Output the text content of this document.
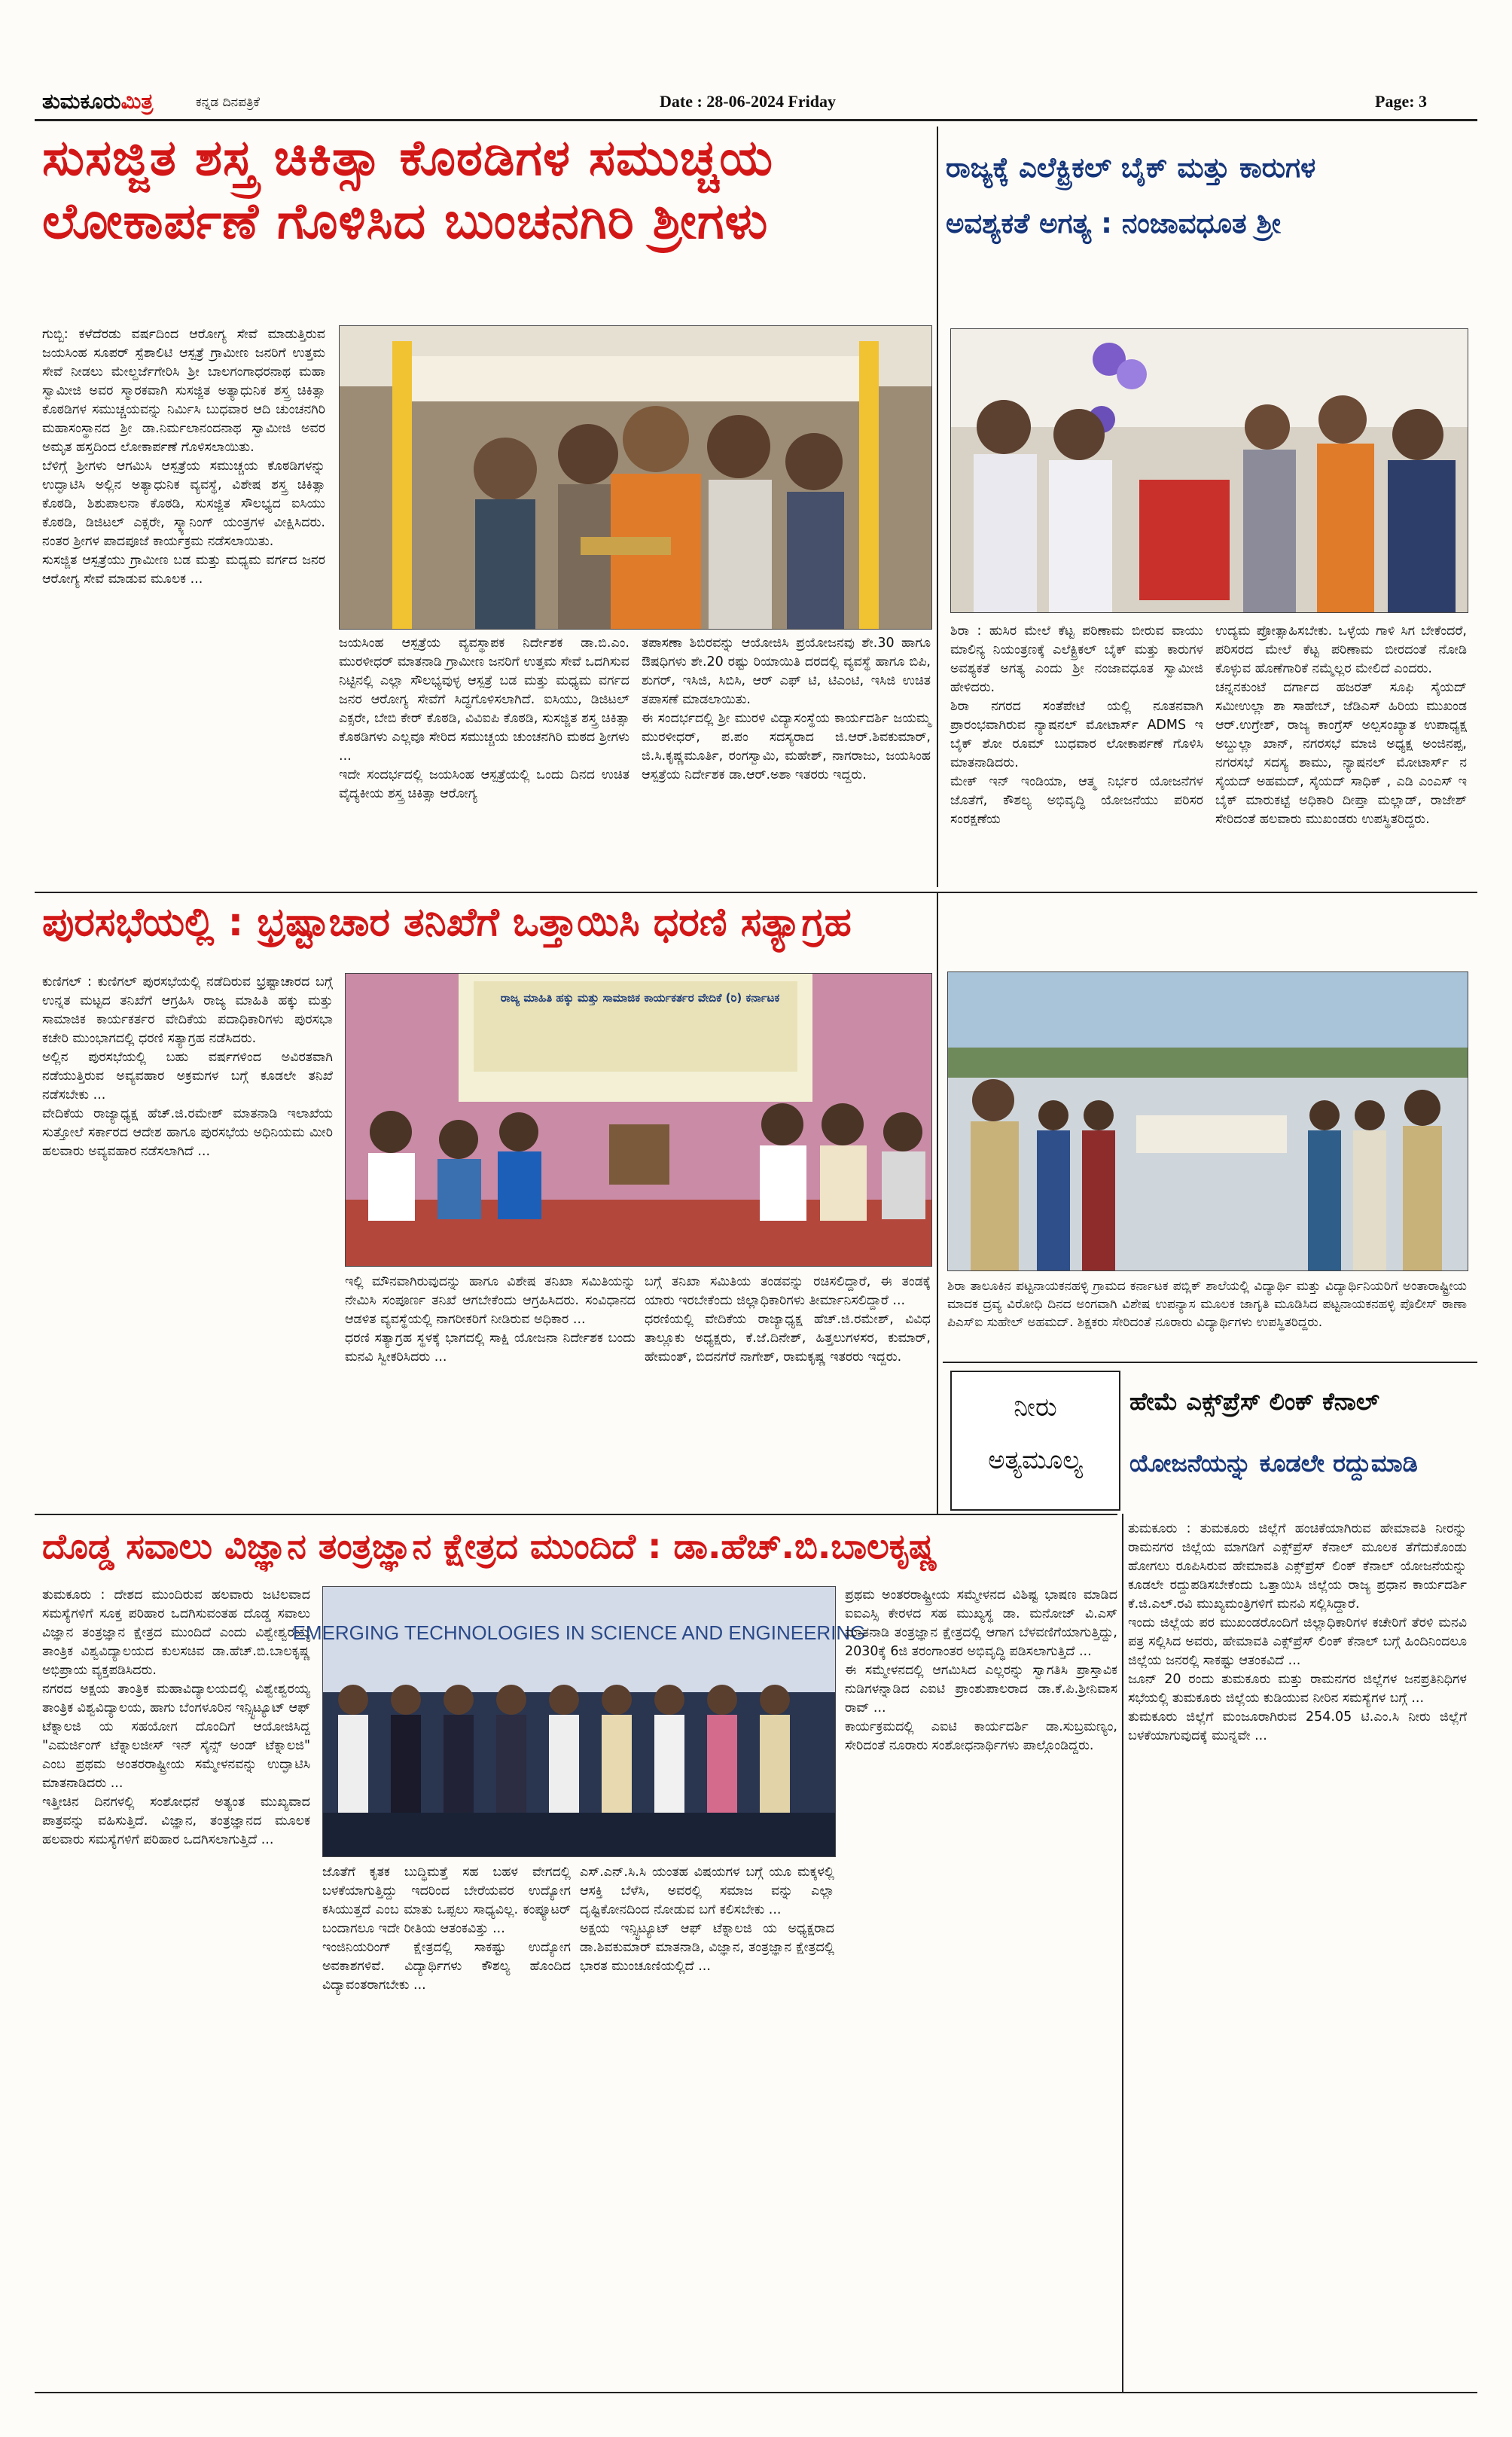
ತುಮಕೂರುಮಿತ್ರ	ಕನ್ನಡ ದಿನಪತ್ರಿಕೆ	Date : 28-06-2024 Friday	Page: 3
ಸುಸಜ್ಜಿತ ಶಸ್ತ್ರ ಚಿಕಿತ್ಸಾ ಕೊಠಡಿಗಳ ಸಮುಚ್ಚಯ
ಲೋಕಾರ್ಪಣೆ ಗೊಳಿಸಿದ ಬುಂಚನಗಿರಿ ಶ್ರೀಗಳು
ಗುಬ್ಬಿ: ಕಳೆದೆರಡು ವರ್ಷದಿಂದ ಆರೋಗ್ಯ ಸೇವೆ ಮಾಡುತ್ತಿರುವ ಜಯಸಿಂಹ ಸೂಪರ್ ಸ್ಪೆಶಾಲಿಟಿ ಆಸ್ಪತ್ರೆ ಗ್ರಾಮೀಣ ಜನರಿಗೆ ಉತ್ತಮ ಸೇವೆ ನೀಡಲು ಮೇಲ್ದರ್ಜೆಗೇರಿಸಿ ಶ್ರೀ ಬಾಲಗಂಗಾಧರನಾಥ ಮಹಾ ಸ್ವಾಮೀಜಿ ಅವರ ಸ್ಮಾರಕವಾಗಿ ಸುಸಜ್ಜಿತ ಅತ್ಯಾಧುನಿಕ ಶಸ್ತ್ರ ಚಿಕಿತ್ಸಾ ಕೊಠಡಿಗಳ ಸಮುಚ್ಚಯವನ್ನು ನಿರ್ಮಿಸಿ ಬುಧವಾರ ಆದಿ ಚುಂಚನಗಿರಿ ಮಹಾಸಂಸ್ಥಾನದ ಶ್ರೀ ಡಾ.ನಿರ್ಮಲಾನಂದನಾಥ ಸ್ವಾಮೀಜಿ ಅವರ ಅಮೃತ ಹಸ್ತದಿಂದ ಲೋಕಾರ್ಪಣೆ ಗೊಳಿಸಲಾಯಿತು.
ಬೆಳಿಗ್ಗೆ ಶ್ರೀಗಳು ಆಗಮಿಸಿ ಆಸ್ಪತ್ರೆಯ ಸಮುಚ್ಚಯ ಕೊಠಡಿಗಳನ್ನು ಉದ್ಘಾಟಿಸಿ ಅಲ್ಲಿನ ಅತ್ಯಾಧುನಿಕ ವ್ಯವಸ್ಥೆ, ವಿಶೇಷ ಶಸ್ತ್ರ ಚಿಕಿತ್ಸಾ ಕೊಠಡಿ, ಶಿಶುಪಾಲನಾ ಕೊಠಡಿ, ಸುಸಜ್ಜಿತ ಸೌಲಭ್ಯದ ಐಸಿಯು ಕೊಠಡಿ, ಡಿಜಿಟಲ್ ಎಕ್ಸರೇ, ಸ್ಕ್ಯಾನಿಂಗ್ ಯಂತ್ರಗಳ ವೀಕ್ಷಿಸಿದರು. ನಂತರ ಶ್ರೀಗಳ ಪಾದಪೂಜೆ ಕಾರ್ಯಕ್ರಮ ನಡೆಸಲಾಯಿತು.
ಸುಸಜ್ಜಿತ ಆಸ್ಪತ್ರೆಯು ಗ್ರಾಮೀಣ ಬಡ ಮತ್ತು ಮಧ್ಯಮ ವರ್ಗದ ಜನರ ಆರೋಗ್ಯ ಸೇವೆ ಮಾಡುವ ಮೂಲಕ ...
ಜಯಸಿಂಹ ಆಸ್ಪತ್ರೆಯ ವ್ಯವಸ್ಥಾಪಕ ನಿರ್ದೇಶಕ ಡಾ.ಬಿ.ಎಂ. ಮುರಳೀಧರ್ ಮಾತನಾಡಿ ಗ್ರಾಮೀಣ ಜನರಿಗೆ ಉತ್ತಮ ಸೇವೆ ಒದಗಿಸುವ ನಿಟ್ಟಿನಲ್ಲಿ ಎಲ್ಲಾ ಸೌಲಭ್ಯವುಳ್ಳ ಆಸ್ಪತ್ರೆ ಬಡ ಮತ್ತು ಮಧ್ಯಮ ವರ್ಗದ ಜನರ ಆರೋಗ್ಯ ಸೇವೆಗೆ ಸಿದ್ಧಗೊಳಿಸಲಾಗಿದೆ. ಐಸಿಯು, ಡಿಜಿಟಲ್ ಎಕ್ಸರೇ, ಬೇಬಿ ಕೇರ್ ಕೊಠಡಿ, ವಿವಿಐಪಿ ಕೊಠಡಿ, ಸುಸಜ್ಜಿತ ಶಸ್ತ್ರ ಚಿಕಿತ್ಸಾ ಕೊಠಡಿಗಳು ಎಲ್ಲವೂ ಸೇರಿದ ಸಮುಚ್ಚಯ ಚುಂಚನಗಿರಿ ಮಠದ ಶ್ರೀಗಳು ...
ಇದೇ ಸಂದರ್ಭದಲ್ಲಿ ಜಯಸಿಂಹ ಆಸ್ಪತ್ರೆಯಲ್ಲಿ ಒಂದು ದಿನದ ಉಚಿತ ವೈದ್ಯಕೀಯ ಶಸ್ತ್ರ ಚಿಕಿತ್ಸಾ ಆರೋಗ್ಯ
ತಪಾಸಣಾ ಶಿಬಿರವನ್ನು ಆಯೋಜಿಸಿ ಪ್ರಯೋಜನವು ಶೇ.30 ಹಾಗೂ ಔಷಧಿಗಳು ಶೇ.20 ರಷ್ಟು ರಿಯಾಯಿತಿ ದರದಲ್ಲಿ ವ್ಯವಸ್ಥೆ ಹಾಗೂ ಬಿಪಿ, ಶುಗರ್, ಇಸಿಜಿ, ಸಿಬಿಸಿ, ಆರ್ ಎಫ್ ಟಿ, ಟಿಎಂಟಿ, ಇಸಿಜಿ ಉಚಿತ ತಪಾಸಣೆ ಮಾಡಲಾಯಿತು.
ಈ ಸಂದರ್ಭದಲ್ಲಿ ಶ್ರೀ ಮುರಳಿ ವಿದ್ಯಾಸಂಸ್ಥೆಯ ಕಾರ್ಯದರ್ಶಿ ಜಯಮ್ಮ ಮುರಳೀಧರ್, ಪ.ಪಂ ಸದಸ್ಯರಾದ ಜಿ.ಆರ್.ಶಿವಕುಮಾರ್, ಜಿ.ಸಿ.ಕೃಷ್ಣಮೂರ್ತಿ, ರಂಗಸ್ವಾಮಿ, ಮಹೇಶ್, ನಾಗರಾಜು, ಜಯಸಿಂಹ ಆಸ್ಪತ್ರೆಯ ನಿರ್ದೇಶಕ ಡಾ.ಆರ್.ಅಶಾ ಇತರರು ಇದ್ದರು.
ರಾಜ್ಯಕ್ಕೆ ಎಲೆಕ್ಟ್ರಿಕಲ್ ಬೈಕ್ ಮತ್ತು ಕಾರುಗಳ
ಅವಶ್ಯಕತೆ ಅಗತ್ಯ : ನಂಜಾವಧೂತ ಶ್ರೀ
ಶಿರಾ : ಹುಸಿರ ಮೇಲೆ ಕೆಟ್ಟ ಪರಿಣಾಮ ಬೀರುವ ವಾಯು ಮಾಲಿನ್ಯ ನಿಯಂತ್ರಣಕ್ಕೆ ಎಲೆಕ್ಟ್ರಿಕಲ್ ಬೈಕ್ ಮತ್ತು ಕಾರುಗಳ ಅವಶ್ಯಕತೆ ಅಗತ್ಯ ಎಂದು ಶ್ರೀ ನಂಜಾವಧೂತ ಸ್ವಾಮೀಜಿ ಹೇಳಿದರು.
ಶಿರಾ ನಗರದ ಸಂತೆಪೇಟೆ ಯಲ್ಲಿ ನೂತನವಾಗಿ ಪ್ರಾರಂಭವಾಗಿರುವ ನ್ಯಾಷನಲ್ ಮೋಟಾರ್ಸ್ ADMS ಇ ಬೈಕ್ ಶೋ ರೂಮ್ ಬುಧವಾರ ಲೋಕಾರ್ಪಣೆ ಗೊಳಿಸಿ ಮಾತನಾಡಿದರು.
ಮೇಕ್ ಇನ್ ಇಂಡಿಯಾ, ಆತ್ಮ ನಿರ್ಭರ ಯೋಜನೆಗಳ ಜೊತೆಗೆ, ಕೌಶಲ್ಯ ಅಭಿವೃದ್ಧಿ ಯೋಜನೆಯು ಪರಿಸರ ಸಂರಕ್ಷಣೆಯ
ಉದ್ಯಮ ಪ್ರೋತ್ಸಾಹಿಸಬೇಕು. ಒಳ್ಳೆಯ ಗಾಳಿ ಸಿಗ ಬೇಕೆಂದರೆ, ಪರಿಸರದ ಮೇಲೆ ಕೆಟ್ಟ ಪರಿಣಾಮ ಬೀರದಂತೆ ನೋಡಿ ಕೊಳ್ಳುವ ಹೊಣೆಗಾರಿಕೆ ನಮ್ಮೆಲ್ಲರ ಮೇಲಿದೆ ಎಂದರು.
ಚನ್ನನಕುಂಟೆ ದರ್ಗಾದ ಹಜರತ್ ಸೂಫಿ ಸೈಯದ್ ಸಮೀಉಲ್ಲಾ ಶಾ ಸಾಹೇಬ್, ಜೆಡಿಎಸ್ ಹಿರಿಯ ಮುಖಂಡ ಆರ್.ಉಗ್ರೇಶ್, ರಾಜ್ಯ ಕಾಂಗ್ರೆಸ್ ಅಲ್ಪಸಂಖ್ಯಾತ ಉಪಾಧ್ಯಕ್ಷ ಅಬ್ದುಲ್ಲಾ ಖಾನ್, ನಗರಸಭೆ ಮಾಜಿ ಅಧ್ಯಕ್ಷ ಅಂಜಿನಪ್ಪ, ನಗರಸಭೆ ಸದಸ್ಯ ಶಾಮು, ನ್ಯಾಷನಲ್ ಮೋಟಾರ್ಸ್ ನ ಸೈಯದ್ ಅಹಮದ್, ಸೈಯದ್ ಸಾಧಿಕ್ , ಎಡಿ ಎಂಎಸ್ ಇ ಬೈಕ್ ಮಾರುಕಟ್ಟೆ ಅಧಿಕಾರಿ ದೀಪ್ತಾ ಮಲ್ಲಾಡ್, ರಾಜೇಶ್ ಸೇರಿದಂತೆ ಹಲವಾರು ಮುಖಂಡರು ಉಪಸ್ಥಿತರಿದ್ದರು.
ಪುರಸಭೆಯಲ್ಲಿ : ಭ್ರಷ್ಟಾಚಾರ ತನಿಖೆಗೆ ಒತ್ತಾಯಿಸಿ ಧರಣಿ ಸತ್ಯಾಗ್ರಹ
ಕುಣಿಗಲ್ : ಕುಣಿಗಲ್ ಪುರಸಭೆಯಲ್ಲಿ ನಡೆದಿರುವ ಭ್ರಷ್ಟಾಚಾರದ ಬಗ್ಗೆ ಉನ್ನತ ಮಟ್ಟದ ತನಿಖೆಗೆ ಆಗ್ರಹಿಸಿ ರಾಜ್ಯ ಮಾಹಿತಿ ಹಕ್ಕು ಮತ್ತು ಸಾಮಾಜಿಕ ಕಾರ್ಯಕರ್ತರ ವೇದಿಕೆಯ ಪದಾಧಿಕಾರಿಗಳು ಪುರಸಭಾ ಕಚೇರಿ ಮುಂಭಾಗದಲ್ಲಿ ಧರಣಿ ಸತ್ಯಾಗ್ರಹ ನಡೆಸಿದರು.
ಅಲ್ಲಿನ ಪುರಸಭೆಯಲ್ಲಿ ಬಹು ವರ್ಷಗಳಿಂದ ಅವಿರತವಾಗಿ ನಡೆಯುತ್ತಿರುವ ಅವ್ಯವಹಾರ ಅಕ್ರಮಗಳ ಬಗ್ಗೆ ಕೂಡಲೇ ತನಿಖೆ ನಡೆಸಬೇಕು ...
ವೇದಿಕೆಯ ರಾಜ್ಯಾಧ್ಯಕ್ಷ ಹೆಚ್.ಜಿ.ರಮೇಶ್ ಮಾತನಾಡಿ ಇಲಾಖೆಯ ಸುತ್ತೋಲೆ ಸರ್ಕಾರದ ಆದೇಶ ಹಾಗೂ ಪುರಸಭೆಯ ಅಧಿನಿಯಮ ಮೀರಿ ಹಲವಾರು ಅವ್ಯವಹಾರ ನಡೆಸಲಾಗಿದೆ ...
ಇಲ್ಲಿ ಮೌನವಾಗಿರುವುದನ್ನು ಹಾಗೂ ವಿಶೇಷ ತನಿಖಾ ಸಮಿತಿಯನ್ನು ನೇಮಿಸಿ ಸಂಪೂರ್ಣ ತನಿಖೆ ಆಗಬೇಕೆಂದು ಆಗ್ರಹಿಸಿದರು. ಸಂವಿಧಾನದ ಆಡಳಿತ ವ್ಯವಸ್ಥೆಯಲ್ಲಿ ನಾಗರೀಕರಿಗೆ ನೀಡಿರುವ ಅಧಿಕಾರ ...
ಧರಣಿ ಸತ್ಯಾಗ್ರಹ ಸ್ಥಳಕ್ಕೆ ಭಾಗದಲ್ಲಿ ಸಾಕ್ಷಿ ಯೋಜನಾ ನಿರ್ದೇಶಕ ಬಂದು ಮನವಿ ಸ್ವೀಕರಿಸಿದರು ...
ಬಗ್ಗೆ ತನಿಖಾ ಸಮಿತಿಯ ತಂಡವನ್ನು ರಚಿಸಲಿದ್ದಾರೆ, ಈ ತಂಡಕ್ಕೆ ಯಾರು ಇರಬೇಕೆಂದು ಜಿಲ್ಲಾಧಿಕಾರಿಗಳು ತೀರ್ಮಾನಿಸಲಿದ್ದಾರೆ ...
ಧರಣಿಯಲ್ಲಿ ವೇದಿಕೆಯ ರಾಜ್ಯಾಧ್ಯಕ್ಷ ಹೆಚ್.ಜಿ.ರಮೇಶ್, ವಿವಿಧ ತಾಲ್ಲೂಕು ಅಧ್ಯಕ್ಷರು, ಕೆ.ಜೆ.ದಿನೇಶ್, ಹಿತ್ತಲುಗಳಸರ, ಕುಮಾರ್, ಹೇಮಂತ್, ಬಿದನಗೆರೆ ನಾಗೇಶ್, ರಾಮಕೃಷ್ಣ ಇತರರು ಇದ್ದರು.
ಶಿರಾ ತಾಲೂಕಿನ ಪಟ್ಟನಾಯಕನಹಳ್ಳಿ ಗ್ರಾಮದ ಕರ್ನಾಟಕ ಪಬ್ಲಿಕ್ ಶಾಲೆಯಲ್ಲಿ ವಿದ್ಯಾರ್ಥಿ ಮತ್ತು ವಿದ್ಯಾರ್ಥಿನಿಯರಿಗೆ ಅಂತಾರಾಷ್ಟ್ರೀಯ ಮಾದಕ ದ್ರವ್ಯ ವಿರೋಧಿ ದಿನದ ಅಂಗವಾಗಿ ವಿಶೇಷ ಉಪನ್ಯಾಸ ಮೂಲಕ ಜಾಗೃತಿ ಮೂಡಿಸಿದ ಪಟ್ಟನಾಯಕನಹಳ್ಳಿ ಪೊಲೀಸ್ ಠಾಣಾ ಪಿಎಸ್ಐ ಸುಹೇಲ್ ಅಹಮದ್. ಶಿಕ್ಷಕರು ಸೇರಿದಂತೆ ನೂರಾರು ವಿದ್ಯಾರ್ಥಿಗಳು ಉಪಸ್ಥಿತರಿದ್ದರು.
ನೀರು
ಅತ್ಯಮೂಲ್ಯ
ಹೇಮೆ ಎಕ್ಸ್‌ಪ್ರೆಸ್ ಲಿಂಕ್ ಕೆನಾಲ್
ಯೋಜನೆಯನ್ನು ಕೂಡಲೇ ರದ್ದುಮಾಡಿ
ತುಮಕೂರು : ತುಮಕೂರು ಜಿಲ್ಲೆಗೆ ಹಂಚಿಕೆಯಾಗಿರುವ ಹೇಮಾವತಿ ನೀರನ್ನು ರಾಮನಗರ ಜಿಲ್ಲೆಯ ಮಾಗಡಿಗೆ ಎಕ್ಸ್‌ಪ್ರೆಸ್ ಕೆನಾಲ್ ಮೂಲಕ ತೆಗೆದುಕೊಂಡು ಹೋಗಲು ರೂಪಿಸಿರುವ ಹೇಮಾವತಿ ಎಕ್ಸ್‌ಪ್ರೆಸ್ ಲಿಂಕ್ ಕೆನಾಲ್ ಯೋಜನೆಯನ್ನು ಕೂಡಲೇ ರದ್ದುಪಡಿಸಬೇಕೆಂದು ಒತ್ತಾಯಿಸಿ ಜಿಲ್ಲೆಯ ರಾಜ್ಯ ಪ್ರಧಾನ ಕಾರ್ಯದರ್ಶಿ ಕೆ.ಜಿ.ಎಲ್.ರವಿ ಮುಖ್ಯಮಂತ್ರಿಗಳಿಗೆ ಮನವಿ ಸಲ್ಲಿಸಿದ್ದಾರೆ.
ಇಂದು ಜಿಲ್ಲೆಯ ಪರ ಮುಖಂಡರೊಂದಿಗೆ ಜಿಲ್ಲಾಧಿಕಾರಿಗಳ ಕಚೇರಿಗೆ ತೆರಳಿ ಮನವಿ ಪತ್ರ ಸಲ್ಲಿಸಿದ ಅವರು, ಹೇಮಾವತಿ ಎಕ್ಸ್‌ಪ್ರೆಸ್ ಲಿಂಕ್ ಕೆನಾಲ್ ಬಗ್ಗೆ ಹಿಂದಿನಿಂದಲೂ ಜಿಲ್ಲೆಯ ಜನರಲ್ಲಿ ಸಾಕಷ್ಟು ಆತಂಕವಿದೆ ...
ಜೂನ್ 20 ರಂದು ತುಮಕೂರು ಮತ್ತು ರಾಮನಗರ ಜಿಲ್ಲೆಗಳ ಜನಪ್ರತಿನಿಧಿಗಳ ಸಭೆಯಲ್ಲಿ ತುಮಕೂರು ಜಿಲ್ಲೆಯ ಕುಡಿಯುವ ನೀರಿನ ಸಮಸ್ಯೆಗಳ ಬಗ್ಗೆ ...
ತುಮಕೂರು ಜಿಲ್ಲೆಗೆ ಮಂಜೂರಾಗಿರುವ 254.05 ಟಿ.ಎಂ.ಸಿ ನೀರು ಜಿಲ್ಲೆಗೆ ಬಳಕೆಯಾಗುವುದಕ್ಕೆ ಮುನ್ನವೇ ...
ದೊಡ್ಡ ಸವಾಲು ವಿಜ್ಞಾನ ತಂತ್ರಜ್ಞಾನ ಕ್ಷೇತ್ರದ ಮುಂದಿದೆ : ಡಾ.ಹೆಚ್.ಬಿ.ಬಾಲಕೃಷ್ಣ
ತುಮಕೂರು : ದೇಶದ ಮುಂದಿರುವ ಹಲವಾರು ಜಟಿಲವಾದ ಸಮಸ್ಯೆಗಳಿಗೆ ಸೂಕ್ತ ಪರಿಹಾರ ಒದಗಿಸುವಂತಹ ದೊಡ್ಡ ಸವಾಲು ವಿಜ್ಞಾನ ತಂತ್ರಜ್ಞಾನ ಕ್ಷೇತ್ರದ ಮುಂದಿದೆ ಎಂದು ವಿಶ್ವೇಶ್ವರಯ್ಯ ತಾಂತ್ರಿಕ ವಿಶ್ವವಿದ್ಯಾಲಯದ ಕುಲಸಚಿವ ಡಾ.ಹೆಚ್.ಬಿ.ಬಾಲಕೃಷ್ಣ ಅಭಿಪ್ರಾಯ ವ್ಯಕ್ತಪಡಿಸಿದರು.
ನಗರದ ಅಕ್ಷಯ ತಾಂತ್ರಿಕ ಮಹಾವಿದ್ಯಾಲಯದಲ್ಲಿ ವಿಶ್ವೇಶ್ವರಯ್ಯ ತಾಂತ್ರಿಕ ವಿಶ್ವವಿದ್ಯಾಲಯ, ಹಾಗು ಬೆಂಗಳೂರಿನ ಇನ್ಸ್ಟಿಟ್ಯೂಟ್ ಆಫ್ ಟೆಕ್ನಾಲಜಿ ಯ ಸಹಯೋಗ ದೊಂದಿಗೆ ಆಯೋಜಿಸಿದ್ದ "ಎಮರ್ಜಿಂಗ್ ಟೆಕ್ನಾಲಜೀಸ್ ಇನ್ ಸೈನ್ಸ್ ಅಂಡ್ ಟೆಕ್ನಾಲಜಿ" ಎಂಬ ಪ್ರಥಮ ಅಂತರರಾಷ್ಟ್ರೀಯ ಸಮ್ಮೇಳನವನ್ನು ಉದ್ಘಾಟಿಸಿ ಮಾತನಾಡಿದರು ...
ಇತ್ತೀಚಿನ ದಿನಗಳಲ್ಲಿ ಸಂಶೋಧನೆ ಅತ್ಯಂತ ಮುಖ್ಯವಾದ ಪಾತ್ರವನ್ನು ವಹಿಸುತ್ತಿದೆ. ವಿಜ್ಞಾನ, ತಂತ್ರಜ್ಞಾನದ ಮೂಲಕ ಹಲವಾರು ಸಮಸ್ಯೆಗಳಿಗೆ ಪರಿಹಾರ ಒದಗಿಸಲಾಗುತ್ತಿದೆ ...
EMERGING TECHNOLOGIES IN SCIENCE AND ENGINEERING
ಜೊತೆಗೆ ಕೃತಕ ಬುದ್ಧಿಮತ್ತೆ ಸಹ ಬಹಳ ವೇಗದಲ್ಲಿ ಬಳಕೆಯಾಗುತ್ತಿದ್ದು ಇದರಿಂದ ಬೇರೆಯವರ ಉದ್ಯೋಗ ಕಸಿಯುತ್ತದೆ ಎಂಬ ಮಾತು ಒಪ್ಪಲು ಸಾಧ್ಯವಿಲ್ಲ. ಕಂಪ್ಯೂಟರ್ ಬಂದಾಗಲೂ ಇದೇ ರೀತಿಯ ಆತಂಕವಿತ್ತು ...
ಇಂಜಿನಿಯರಿಂಗ್ ಕ್ಷೇತ್ರದಲ್ಲಿ ಸಾಕಷ್ಟು ಉದ್ಯೋಗ ಅವಕಾಶಗಳಿವೆ. ವಿದ್ಯಾರ್ಥಿಗಳು ಕೌಶಲ್ಯ ಹೊಂದಿದ ವಿದ್ಯಾವಂತರಾಗಬೇಕು ...
ಎಸ್.ಎನ್.ಸಿ.ಸಿ ಯಂತಹ ವಿಷಯಗಳ ಬಗ್ಗೆ ಯೂ ಮಕ್ಕಳಲ್ಲಿ ಆಸಕ್ತಿ ಬೆಳೆಸಿ, ಅವರಲ್ಲಿ ಸಮಾಜ ವನ್ನು ಎಲ್ಲಾ ದೃಷ್ಟಿಕೋನದಿಂದ ನೋಡುವ ಬಗೆ ಕಲಿಸಬೇಕು ...
ಅಕ್ಷಯ ಇನ್ಸ್ಟಿಟ್ಯೂಟ್ ಆಫ್ ಟೆಕ್ನಾಲಜಿ ಯ ಅಧ್ಯಕ್ಷರಾದ ಡಾ.ಶಿವಕುಮಾರ್ ಮಾತನಾಡಿ, ವಿಜ್ಞಾನ, ತಂತ್ರಜ್ಞಾನ ಕ್ಷೇತ್ರದಲ್ಲಿ ಭಾರತ ಮುಂಚೂಣಿಯಲ್ಲಿದೆ ...
ಪ್ರಥಮ ಅಂತರರಾಷ್ಟ್ರೀಯ ಸಮ್ಮೇಳನದ ವಿಶಿಷ್ಟ ಭಾಷಣ ಮಾಡಿದ ಐಐಎಸ್ಸಿ ಕೇರಳದ ಸಹ ಮುಖ್ಯಸ್ಥ ಡಾ. ಮನೋಜ್ ವಿ.ಎಸ್ ಮಾತನಾಡಿ ತಂತ್ರಜ್ಞಾನ ಕ್ಷೇತ್ರದಲ್ಲಿ ಆಗಾಗ ಬೆಳವಣಿಗೆಯಾಗುತ್ತಿದ್ದು, 2030ಕ್ಕೆ 6ಜಿ ತರಂಗಾಂತರ ಅಭಿವೃದ್ಧಿ ಪಡಿಸಲಾಗುತ್ತಿದೆ ...
ಈ ಸಮ್ಮೇಳನದಲ್ಲಿ ಆಗಮಿಸಿದ ಎಲ್ಲರನ್ನು ಸ್ವಾಗತಿಸಿ ಪ್ರಾಸ್ತಾವಿಕ ನುಡಿಗಳನ್ನಾಡಿದ ಎಐಟಿ ಪ್ರಾಂಶುಪಾಲರಾದ ಡಾ.ಕೆ.ಪಿ.ಶ್ರೀನಿವಾಸ ರಾವ್ ...
ಕಾರ್ಯಕ್ರಮದಲ್ಲಿ ಎಐಟಿ ಕಾರ್ಯದರ್ಶಿ ಡಾ.ಸುಬ್ರಮಣ್ಯಂ, ಸೇರಿದಂತೆ ನೂರಾರು ಸಂಶೋಧನಾರ್ಥಿಗಳು ಪಾಲ್ಗೊಂಡಿದ್ದರು.
ರಾಜ್ಯ ಮಾಹಿತಿ ಹಕ್ಕು ಮತ್ತು ಸಾಮಾಜಿಕ ಕಾರ್ಯಕರ್ತರ ವೇದಿಕೆ (ರಿ) ಕರ್ನಾಟಕ
